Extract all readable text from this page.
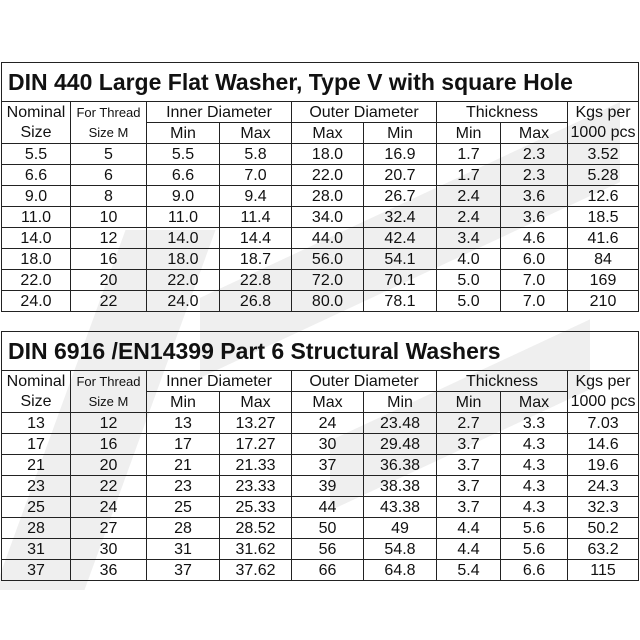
DIN 440 Large Flat Washer, Type V with square Hole								
Nominal	For Thread	Inner Diameter		Outer Diameter		Thickness		Kgs per
Size	Size M	Min	Max	Max	Min	Min	Max	1000 pcs
5.5	5	5.5	5.8	18.0	16.9	1.7	2.3	3.52
6.6	6	6.6	7.0	22.0	20.7	1.7	2.3	5.28
9.0	8	9.0	9.4	28.0	26.7	2.4	3.6	12.6
11.0	10	11.0	11.4	34.0	32.4	2.4	3.6	18.5
14.0	12	14.0	14.4	44.0	42.4	3.4	4.6	41.6
18.0	16	18.0	18.7	56.0	54.1	4.0	6.0	84
22.0	20	22.0	22.8	72.0	70.1	5.0	7.0	169
24.0	22	24.0	26.8	80.0	78.1	5.0	7.0	210
DIN 6916 /EN14399 Part 6 Structural Washers								
Nominal	For Thread	Inner Diameter		Outer Diameter		Thickness		Kgs per
Size	Size M	Min	Max	Max	Min	Min	Max	1000 pcs
13	12	13	13.27	24	23.48	2.7	3.3	7.03
17	16	17	17.27	30	29.48	3.7	4.3	14.6
21	20	21	21.33	37	36.38	3.7	4.3	19.6
23	22	23	23.33	39	38.38	3.7	4.3	24.3
25	24	25	25.33	44	43.38	3.7	4.3	32.3
28	27	28	28.52	50	49	4.4	5.6	50.2
31	30	31	31.62	56	54.8	4.4	5.6	63.2
37	36	37	37.62	66	64.8	5.4	6.6	115
